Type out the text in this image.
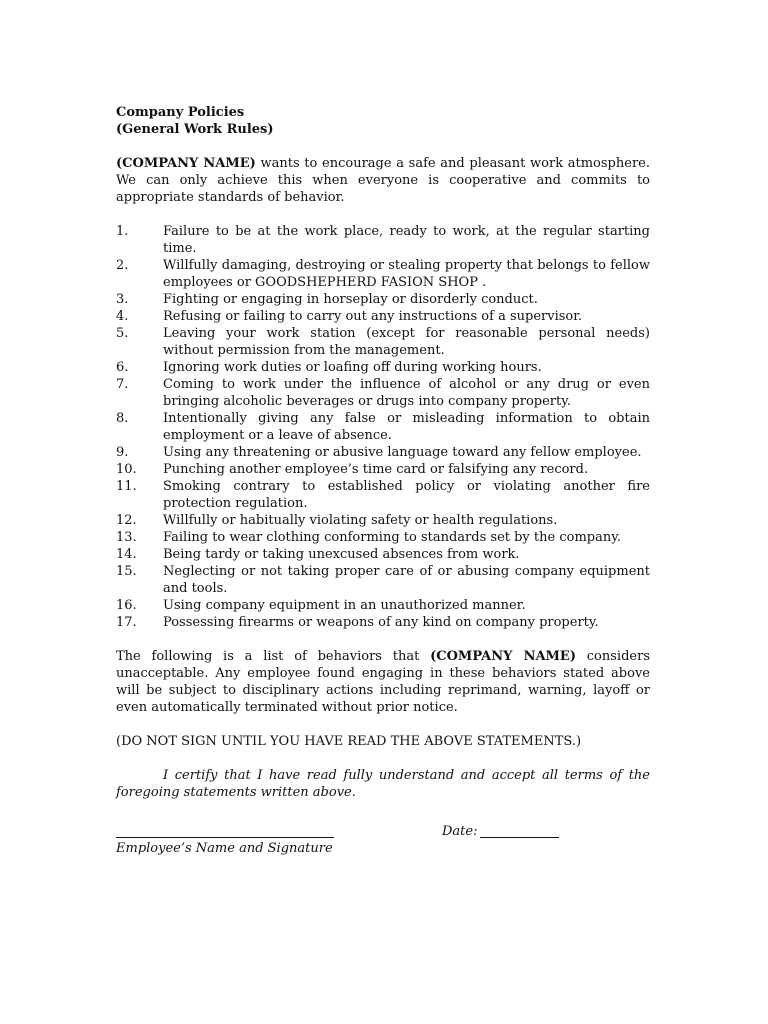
Company Policies
(General Work Rules)
(COMPANY NAME) wants to encourage a safe and pleasant work atmosphere. We can only achieve this when everyone is cooperative and commits to appropriate standards of behavior.
1.	Failure to be at the work place, ready to work, at the regular starting time.
2.	Willfully damaging, destroying or stealing property that belongs to fellow employees or GOODSHEPHERD FASION SHOP .
3.	Fighting or engaging in horseplay or disorderly conduct.
4.	Refusing or failing to carry out any instructions of a supervisor.
5.	Leaving your work station (except for reasonable personal needs) without permission from the management.
6.	Ignoring work duties or loafing off during working hours.
7.	Coming to work under the influence of alcohol or any drug or even bringing alcoholic beverages or drugs into company property.
8.	Intentionally giving any false or misleading information to obtain employment or a leave of absence.
9.	Using any threatening or abusive language toward any fellow employee.
10.	Punching another employee’s time card or falsifying any record.
11.	Smoking contrary to established policy or violating another fire protection regulation.
12.	Willfully or habitually violating safety or health regulations.
13.	Failing to wear clothing conforming to standards set by the company.
14.	Being tardy or taking unexcused absences from work.
15.	Neglecting or not taking proper care of or abusing company equipment and tools.
16.	Using company equipment in an unauthorized manner.
17.	Possessing firearms or weapons of any kind on company property.
The following is a list of behaviors that (COMPANY NAME) considers unacceptable. Any employee found engaging in these behaviors stated above will be subject to disciplinary actions including reprimand, warning, layoff or even automatically terminated without prior notice.
(DO NOT SIGN UNTIL YOU HAVE READ THE ABOVE STATEMENTS.)
I certify that I have read fully understand and accept all terms of the foregoing statements written above.
Employee’s Name and Signature
Date:
